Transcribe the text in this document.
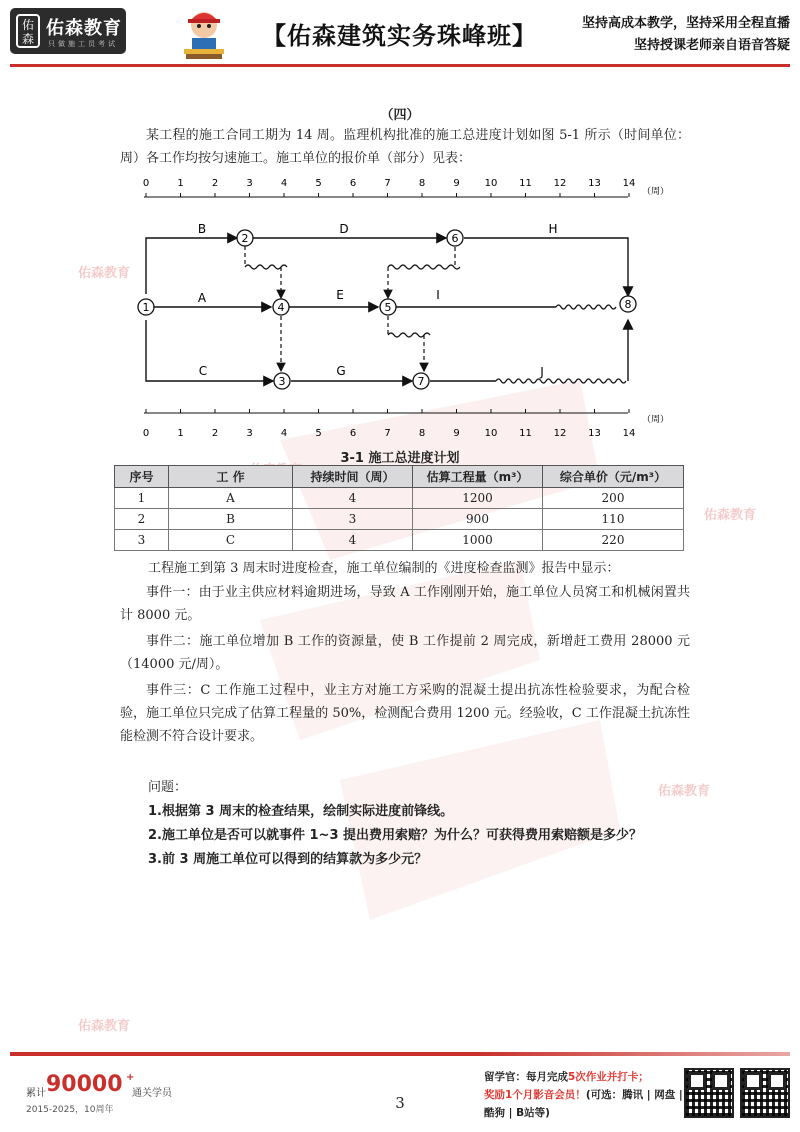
佑森 佑森教育
只做施工员考试	【佑森建筑实务珠峰班】	坚持高成本教学，坚持采用全程直播
坚持授课老师亲自语音答疑
佑森教育
佑森教育
佑森教育
佑森教育
（四）
某工程的施工合同工期为 14 周。监理机构批准的施工总进度计划如图 5-1 所示（时间单位：周）各工作均按匀速施工。施工单位的报价单（部分）见表：
0	1	2	3	4	5	6	7	8	9 10 11 12 13 14
（周）
0	1	2	3	4	5	6	7	8	9 10 11 12 13 14
（周）
1
2
3
4	5
6
7
8
A
B
C
D
E
G
H
I
J
3-1 施工总进度计划
序号	工 作	持续时间（周）	估算工程量（m³）	综合单价（元/m³）
1	A	4	1200	200
2	B	3	900	110
3	C	4	1000	220
工程施工到第 3 周末时进度检查，施工单位编制的《进度检查监测》报告中显示：
事件一：由于业主供应材料逾期进场，导致 A 工作刚刚开始，施工单位人员窝工和机械闲置共计 8000 元。
事件二：施工单位增加 B 工作的资源量，使 B 工作提前 2 周完成，新增赶工费用 28000 元（14000 元/周）。
事件三：C 工作施工过程中，业主方对施工方采购的混凝土提出抗冻性检验要求，为配合检验，施工单位只完成了估算工程量的 50%，检测配合费用 1200 元。经验收，C 工作混凝土抗冻性能检测不符合设计要求。
问题：
1.根据第 3 周末的检查结果，绘制实际进度前锋线。
2.施工单位是否可以就事件 1~3 提出费用索赔？为什么？可获得费用索赔额是多少？
3.前 3 周施工单位可以得到的结算款为多少元？
累计 90000 +
通关学员
2015-2025，10周年	3
留学官：每月完成5次作业并打卡；
奖励1个月影音会员！(可选：腾讯 | 网盘 | 酷狗 | B站等)
